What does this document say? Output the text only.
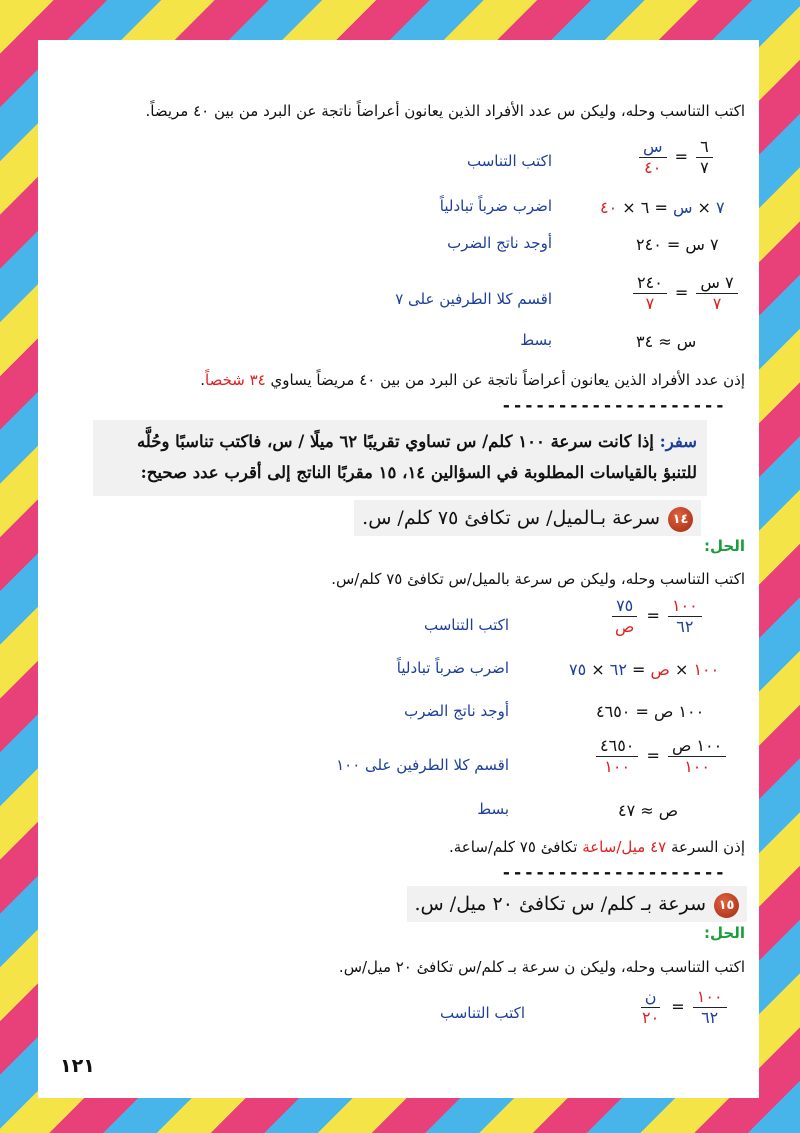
اكتب التناسب وحله، وليكن س عدد الأفراد الذين يعانون أعراضاً ناتجة عن البرد من بين ٤٠ مريضاً.
$\frac{٦}{٧}$
=
$\frac{\text{س}}{٤٠}$
اكتب التناسب
٧ × س = ٦ × ٤٠
اضرب ضرباً تبادلياً
٧ س = ٢٤٠
أوجد ناتج الضرب
$\frac{\text{٧ س}}{٧}$
=
$\frac{٢٤٠}{٧}$
اقسم كلا الطرفين على ٧
س ≈ ٣٤
بسط
إذن عدد الأفراد الذين يعانون أعراضاً ناتجة عن البرد من بين ٤٠ مريضاً يساوي ٣٤ شخصاً.
--------------------
سفر: إذا كانت سرعة ١٠٠ كلم/ س تساوي تقريبًا ٦٢ ميلًا / س، فاكتب تناسبًا وحُلَّه
للتنبؤ بالقياسات المطلوبة في السؤالين ١٤، ١٥ مقربًا الناتج إلى أقرب عدد صحيح:
١٤سرعة بـالميل/ س تكافئ ٧٥ كلم/ س.
الحل:
اكتب التناسب وحله، وليكن ص سرعة بالميل/س تكافئ ٧٥ كلم/س.
$\frac{١٠٠}{٦٢}$
=
$\frac{٧٥}{\text{ص}}$
اكتب التناسب
١٠٠ × ص = ٦٢ × ٧٥
اضرب ضرباً تبادلياً
١٠٠ ص = ٤٦٥٠
أوجد ناتج الضرب
$\frac{\text{١٠٠ ص}}{١٠٠}$
=
$\frac{٤٦٥٠}{١٠٠}$
اقسم كلا الطرفين على ١٠٠
ص ≈ ٤٧
بسط
إذن السرعة ٤٧ ميل/ساعة تكافئ ٧٥ كلم/ساعة.
--------------------
١٥سرعة بـ كلم/ س تكافئ ٢٠ ميل/ س.
الحل:
اكتب التناسب وحله، وليكن ن سرعة بـ كلم/س تكافئ ٢٠ ميل/س.
$\frac{١٠٠}{٦٢}$
=
$\frac{\text{ن}}{٢٠}$
اكتب التناسب
١٢١
